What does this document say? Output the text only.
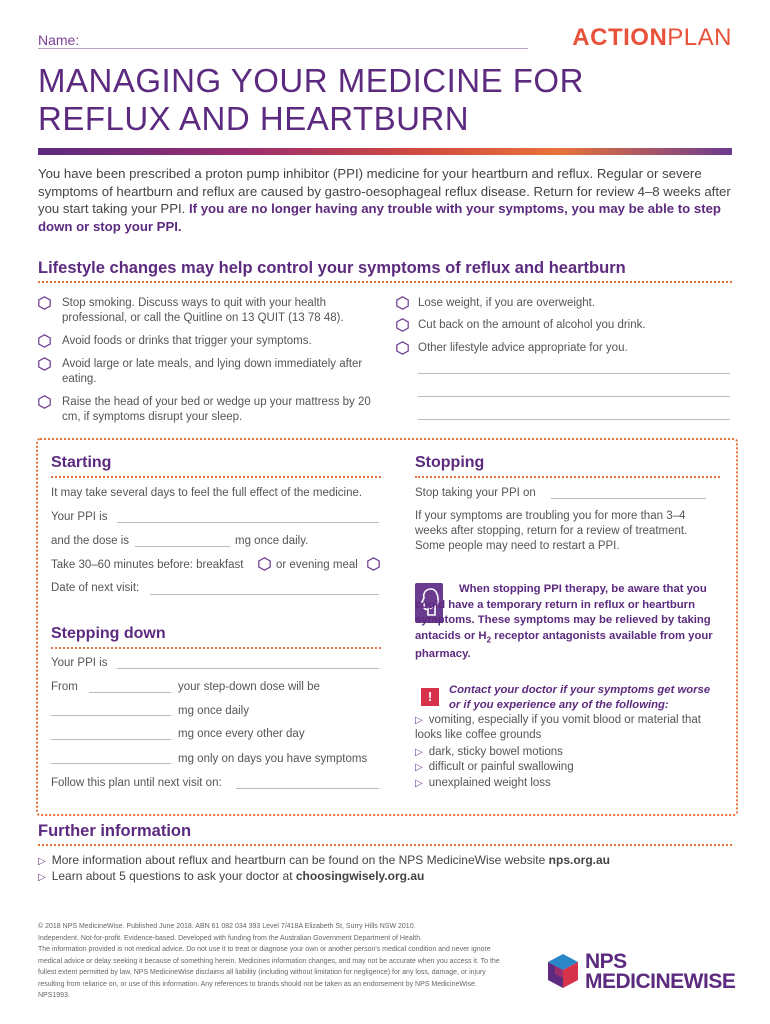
Name:	ACTIONPLAN
MANAGING YOUR MEDICINE FOR
REFLUX AND HEARTBURN
You have been prescribed a proton pump inhibitor (PPI) medicine for your heartburn and reflux. Regular or severe symptoms of heartburn and reflux are caused by gastro-oesophageal reflux disease. Return for review 4–8 weeks after you start taking your PPI. If you are no longer having any trouble with your symptoms, you may be able to step down or stop your PPI.
Lifestyle changes may help control your symptoms of reflux and heartburn
Stop smoking. Discuss ways to quit with your health professional, or call the Quitline on 13 QUIT (13 78 48).
Avoid foods or drinks that trigger your symptoms.
Avoid large or late meals, and lying down immediately after eating.
Raise the head of your bed or wedge up your mattress by 20 cm, if symptoms disrupt your sleep.
Lose weight, if you are overweight.
Cut back on the amount of alcohol you drink.
Other lifestyle advice appropriate for you.
Starting
It may take several days to feel the full effect of the medicine.
Your PPI is
and the dose is	mg once daily.
Take 30–60 minutes before: breakfast	or evening meal
Date of next visit:
Stepping down
Your PPI is
From	your step-down dose will be
mg once daily
mg once every other day
mg only on days you have symptoms
Follow this plan until next visit on:
Stopping
Stop taking your PPI on
If your symptoms are troubling you for more than 3–4 weeks after stopping, return for a review of treatment. Some people may need to restart a PPI.
When stopping PPI therapy, be aware that you could have a temporary return in reflux or heartburn symptoms. These symptoms may be relieved by taking antacids or $H_2$ receptor antagonists available from your pharmacy.
!	Contact your doctor if your symptoms get worse or if you experience any of the following:
▷ vomiting, especially if you vomit blood or material that looks like coffee grounds
▷ dark, sticky bowel motions
▷ difficult or painful swallowing
▷ unexplained weight loss
Further information
▷ More information about reflux and heartburn can be found on the NPS MedicineWise website nps.org.au
▷ Learn about 5 questions to ask your doctor at choosingwisely.org.au
© 2018 NPS MedicineWise. Published June 2018. ABN 61 082 034 393 Level 7/418A Elizabeth St, Surry Hills NSW 2010.
Independent. Not-for-profit. Evidence-based. Developed with funding from the Australian Government Department of Health.
The information provided is not medical advice. Do not use it to treat or diagnose your own or another person's medical condition and never ignore medical advice or delay seeking it because of something herein. Medicines information changes, and may not be accurate when you access it. To the fullest extent permitted by law, NPS MedicineWise disclaims all liability (including without limitation for negligence) for any loss, damage, or injury resulting from reliance on, or use of this information. Any references to brands should not be taken as an endorsement by NPS MedicineWise. NPS1993.
NPS
MEDICINEWISE
